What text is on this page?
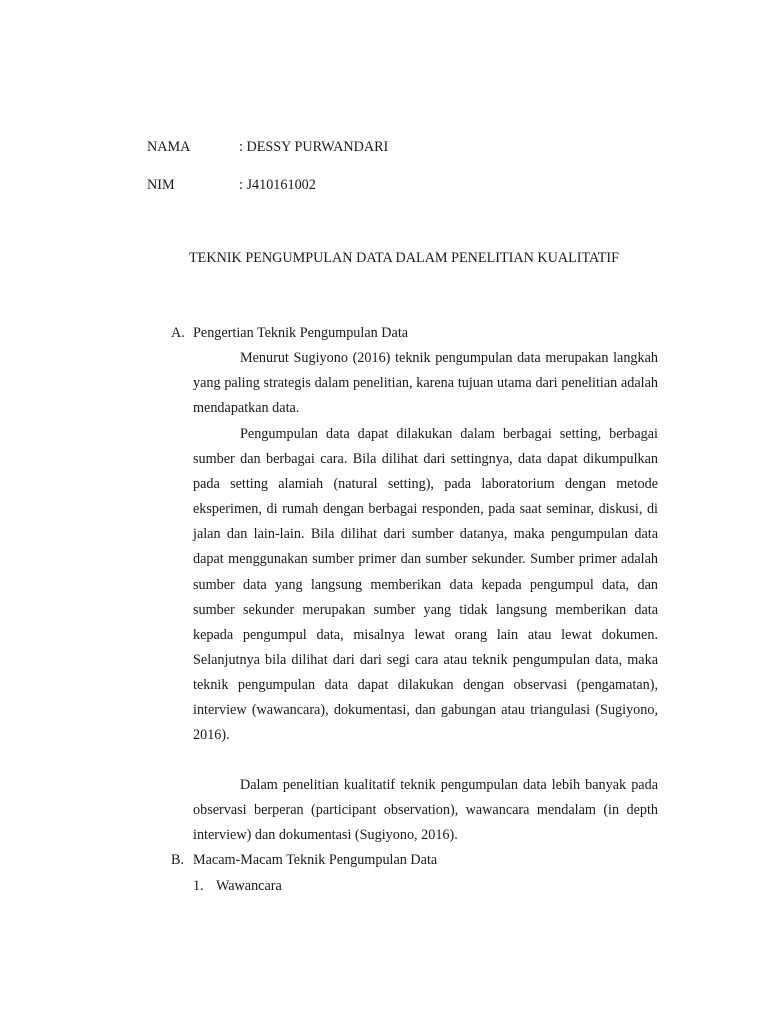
NAMA	: DESSY PURWANDARI
NIM	: J410161002
TEKNIK PENGUMPULAN DATA DALAM PENELITIAN KUALITATIF
A. Pengertian Teknik Pengumpulan Data

Menurut Sugiyono (2016) teknik pengumpulan data merupakan langkah yang paling strategis dalam penelitian, karena tujuan utama dari penelitian adalah mendapatkan data.

Pengumpulan data dapat dilakukan dalam berbagai setting, berbagai sumber dan berbagai cara. Bila dilihat dari settingnya, data dapat dikumpulkan pada setting alamiah (natural setting), pada laboratorium dengan metode eksperimen, di rumah dengan berbagai responden, pada saat seminar, diskusi, di jalan dan lain-lain. Bila dilihat dari sumber datanya, maka pengumpulan data dapat menggunakan sumber primer dan sumber sekunder. Sumber primer adalah sumber data yang langsung memberikan data kepada pengumpul data, dan sumber sekunder merupakan sumber yang tidak langsung memberikan data kepada pengumpul data, misalnya lewat orang lain atau lewat dokumen. Selanjutnya bila dilihat dari dari segi cara atau teknik pengumpulan data, maka teknik pengumpulan data dapat dilakukan dengan observasi (pengamatan), interview (wawancara), dokumentasi, dan gabungan atau triangulasi (Sugiyono, 2016).

Dalam penelitian kualitatif teknik pengumpulan data lebih banyak pada observasi berperan (participant observation), wawancara mendalam (in depth interview) dan dokumentasi (Sugiyono, 2016).

B. Macam-Macam Teknik Pengumpulan Data
1. Wawancara
